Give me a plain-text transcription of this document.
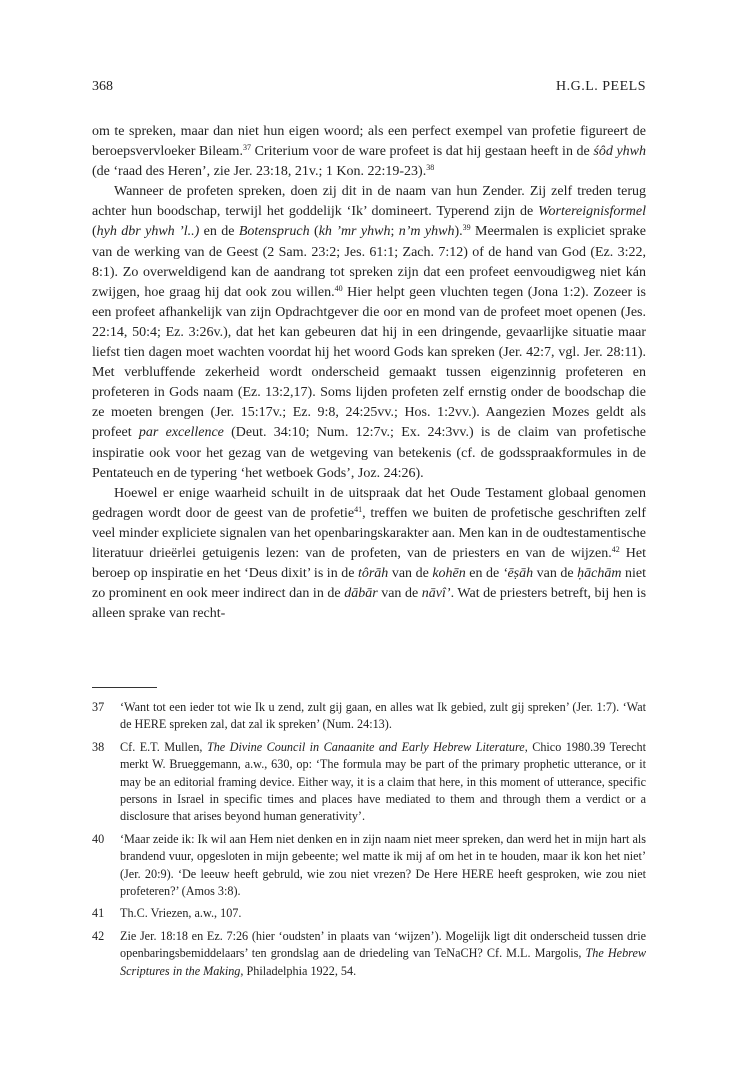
368	H.G.L. PEELS

om te spreken, maar dan niet hun eigen woord; als een perfect exempel van profetie figureert de beroepsvervloeker Bileam.$^{37}$ Criterium voor de ware profeet is dat hij gestaan heeft in de śôd yhwh (de ‘raad des Heren’, zie Jer. 23:18, 21v.; 1 Kon. 22:19-23).$^{38}$

Wanneer de profeten spreken, doen zij dit in de naam van hun Zender. Zij zelf treden terug achter hun boodschap, terwijl het goddelijk ‘Ik’ domineert. Typerend zijn de Wortereignisformel (hyh dbr yhwh ’l..) en de Botenspruch (kh ’mr yhwh; n’m yhwh).$^{39}$ Meermalen is expliciet sprake van de werking van de Geest (2 Sam. 23:2; Jes. 61:1; Zach. 7:12) of de hand van God (Ez. 3:22, 8:1). Zo overweldigend kan de aandrang tot spreken zijn dat een profeet eenvoudigweg niet kán zwijgen, hoe graag hij dat ook zou willen.$^{40}$ Hier helpt geen vluchten tegen (Jona 1:2). Zozeer is een profeet afhankelijk van zijn Opdrachtgever die oor en mond van de profeet moet openen (Jes. 22:14, 50:4; Ez. 3:26v.), dat het kan gebeuren dat hij in een dringende, gevaarlijke situatie maar liefst tien dagen moet wachten voordat hij het woord Gods kan spreken (Jer. 42:7, vgl. Jer. 28:11). Met verbluffende zekerheid wordt onderscheid gemaakt tussen eigenzinnig profeteren en profeteren in Gods naam (Ez. 13:2,17). Soms lijden profeten zelf ernstig onder de boodschap die ze moeten brengen (Jer. 15:17v.; Ez. 9:8, 24:25vv.; Hos. 1:2vv.). Aangezien Mozes geldt als profeet par excellence (Deut. 34:10; Num. 12:7v.; Ex. 24:3vv.) is de claim van profetische inspiratie ook voor het gezag van de wetgeving van betekenis (cf. de godsspraakformules in de Pentateuch en de typering ‘het wetboek Gods’, Joz. 24:26).

Hoewel er enige waarheid schuilt in de uitspraak dat het Oude Testament globaal genomen gedragen wordt door de geest van de profetie$^{41}$, treffen we buiten de profetische geschriften zelf veel minder expliciete signalen van het openbaringskarakter aan. Men kan in de oudtestamentische literatuur drieërlei getuigenis lezen: van de profeten, van de priesters en van de wijzen.$^{42}$ Het beroep op inspiratie en het ‘Deus dixit’ is in de tôrāh van de kohēn en de ‘ēṣāh van de ḥāchām niet zo prominent en ook meer indirect dan in de dābār van de nāvî’. Wat de priesters betreft, bij hen is alleen sprake van recht-

37	‘Want tot een ieder tot wie Ik u zend, zult gij gaan, en alles wat Ik gebied, zult gij spreken’ (Jer. 1:7). ‘Wat de HERE spreken zal, dat zal ik spreken’ (Num. 24:13).
38	Cf. E.T. Mullen, The Divine Council in Canaanite and Early Hebrew Literature, Chico 1980.39 Terecht merkt W. Brueggemann, a.w., 630, op: ‘The formula may be part of the primary prophetic utterance, or it may be an editorial framing device. Either way, it is a claim that here, in this moment of utterance, specific persons in Israel in specific times and places have mediated to them and through them a verdict or a disclosure that arises beyond human generativity’.
40	‘Maar zeide ik: Ik wil aan Hem niet denken en in zijn naam niet meer spreken, dan werd het in mijn hart als brandend vuur, opgesloten in mijn gebeente; wel matte ik mij af om het in te houden, maar ik kon het niet’ (Jer. 20:9). ‘De leeuw heeft gebruld, wie zou niet vrezen? De Here HERE heeft gesproken, wie zou niet profeteren?’ (Amos 3:8).
41	Th.C. Vriezen, a.w., 107.
42	Zie Jer. 18:18 en Ez. 7:26 (hier ‘oudsten’ in plaats van ‘wijzen’). Mogelijk ligt dit onderscheid tussen drie openbaringsbemiddelaars’ ten grondslag aan de driedeling van TeNaCH? Cf. M.L. Margolis, The Hebrew Scriptures in the Making, Philadelphia 1922, 54.
